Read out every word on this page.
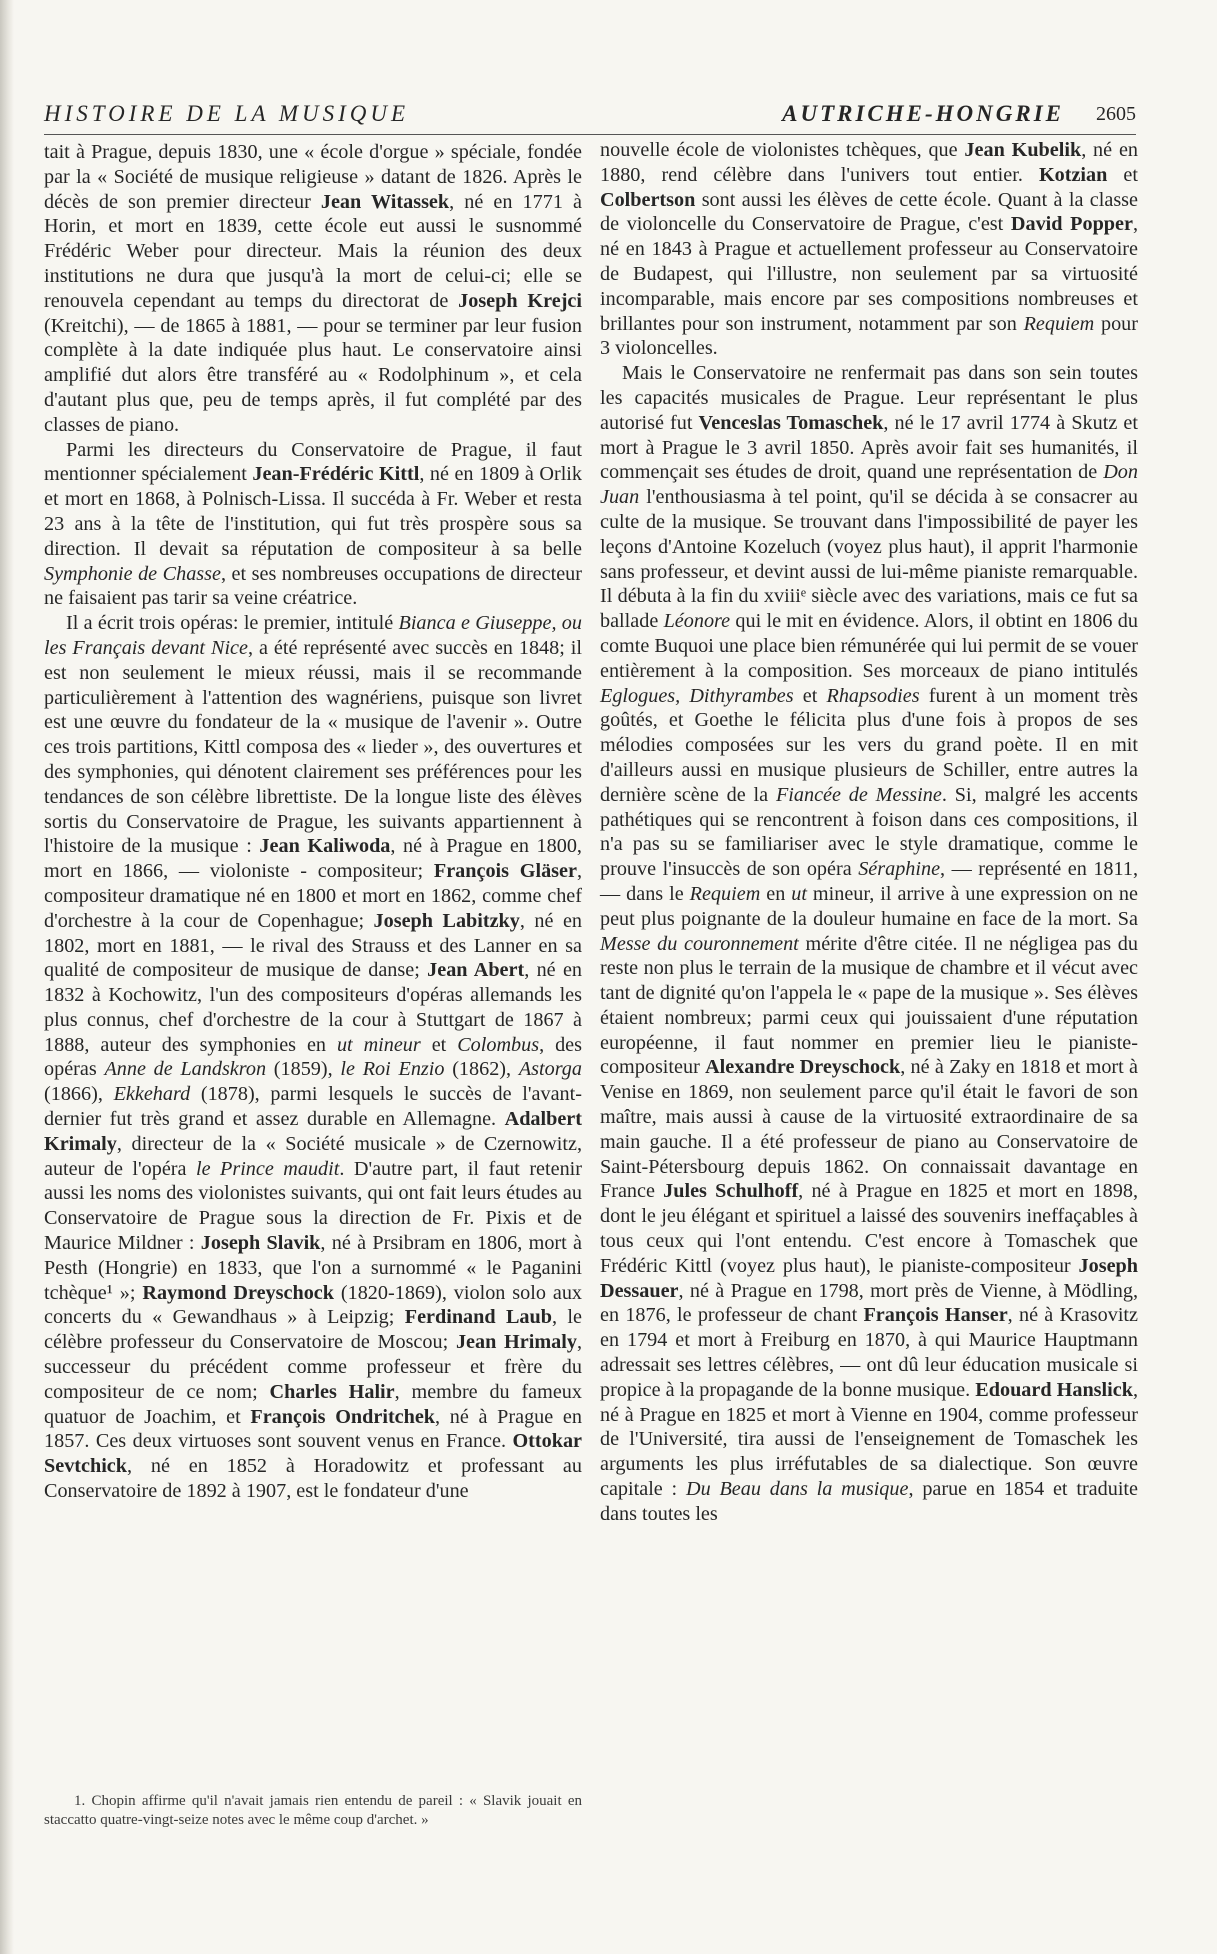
HISTOIRE DE LA MUSIQUE	AUTRICHE-HONGRIE 2605

tait à Prague, depuis 1830, une « école d'orgue » spéciale, fondée par la « Société de musique religieuse » datant de 1826. Après le décès de son premier directeur Jean Witassek, né en 1771 à Horin, et mort en 1839, cette école eut aussi le susnommé Frédéric Weber pour directeur. Mais la réunion des deux institutions ne dura que jusqu'à la mort de celui-ci; elle se renouvela cependant au temps du directorat de Joseph Krejci (Kreitchi), — de 1865 à 1881, — pour se terminer par leur fusion complète à la date indiquée plus haut. Le conservatoire ainsi amplifié dut alors être transféré au « Rodolphinum », et cela d'autant plus que, peu de temps après, il fut complété par des classes de piano.

Parmi les directeurs du Conservatoire de Prague, il faut mentionner spécialement Jean-Frédéric Kittl, né en 1809 à Orlik et mort en 1868, à Polnisch-Lissa. Il succéda à Fr. Weber et resta 23 ans à la tête de l'institution, qui fut très prospère sous sa direction. Il devait sa réputation de compositeur à sa belle Symphonie de Chasse, et ses nombreuses occupations de directeur ne faisaient pas tarir sa veine créatrice.

Il a écrit trois opéras: le premier, intitulé Bianca e Giuseppe, ou les Français devant Nice, a été représenté avec succès en 1848; il est non seulement le mieux réussi, mais il se recommande particulièrement à l'attention des wagnériens, puisque son livret est une œuvre du fondateur de la « musique de l'avenir ». Outre ces trois partitions, Kittl composa des « lieder », des ouvertures et des symphonies, qui dénotent clairement ses préférences pour les tendances de son célèbre librettiste. De la longue liste des élèves sortis du Conservatoire de Prague, les suivants appartiennent à l'histoire de la musique : Jean Kaliwoda, né à Prague en 1800, mort en 1866, — violoniste - compositeur; François Gläser, compositeur dramatique né en 1800 et mort en 1862, comme chef d'orchestre à la cour de Copenhague; Joseph Labitzky, né en 1802, mort en 1881, — le rival des Strauss et des Lanner en sa qualité de compositeur de musique de danse; Jean Abert, né en 1832 à Kochowitz, l'un des compositeurs d'opéras allemands les plus connus, chef d'orchestre de la cour à Stuttgart de 1867 à 1888, auteur des symphonies en ut mineur et Colombus, des opéras Anne de Landskron (1859), le Roi Enzio (1862), Astorga (1866), Ekkehard (1878), parmi lesquels le succès de l'avant-dernier fut très grand et assez durable en Allemagne. Adalbert Krimaly, directeur de la « Société musicale » de Czernowitz, auteur de l'opéra le Prince maudit. D'autre part, il faut retenir aussi les noms des violonistes suivants, qui ont fait leurs études au Conservatoire de Prague sous la direction de Fr. Pixis et de Maurice Mildner : Joseph Slavik, né à Prsibram en 1806, mort à Pesth (Hongrie) en 1833, que l'on a surnommé « le Paganini tchèque¹ »; Raymond Dreyschock (1820-1869), violon solo aux concerts du « Gewandhaus » à Leipzig; Ferdinand Laub, le célèbre professeur du Conservatoire de Moscou; Jean Hrimaly, successeur du précédent comme professeur et frère du compositeur de ce nom; Charles Halir, membre du fameux quatuor de Joachim, et François Ondritchek, né à Prague en 1857. Ces deux virtuoses sont souvent venus en France. Ottokar Sevtchick, né en 1852 à Horadowitz et professant au Conservatoire de 1892 à 1907, est le fondateur d'une

nouvelle école de violonistes tchèques, que Jean Kubelik, né en 1880, rend célèbre dans l'univers tout entier. Kotzian et Colbertson sont aussi les élèves de cette école. Quant à la classe de violoncelle du Conservatoire de Prague, c'est David Popper, né en 1843 à Prague et actuellement professeur au Conservatoire de Budapest, qui l'illustre, non seulement par sa virtuosité incomparable, mais encore par ses compositions nombreuses et brillantes pour son instrument, notamment par son Requiem pour 3 violoncelles.

Mais le Conservatoire ne renfermait pas dans son sein toutes les capacités musicales de Prague. Leur représentant le plus autorisé fut Venceslas Tomaschek, né le 17 avril 1774 à Skutz et mort à Prague le 3 avril 1850. Après avoir fait ses humanités, il commençait ses études de droit, quand une représentation de Don Juan l'enthousiasma à tel point, qu'il se décida à se consacrer au culte de la musique. Se trouvant dans l'impossibilité de payer les leçons d'Antoine Kozeluch (voyez plus haut), il apprit l'harmonie sans professeur, et devint aussi de lui-même pianiste remarquable. Il débuta à la fin du xviiiᵉ siècle avec des variations, mais ce fut sa ballade Léonore qui le mit en évidence. Alors, il obtint en 1806 du comte Buquoi une place bien rémunérée qui lui permit de se vouer entièrement à la composition. Ses morceaux de piano intitulés Eglogues, Dithyrambes et Rhapsodies furent à un moment très goûtés, et Goethe le félicita plus d'une fois à propos de ses mélodies composées sur les vers du grand poète. Il en mit d'ailleurs aussi en musique plusieurs de Schiller, entre autres la dernière scène de la Fiancée de Messine. Si, malgré les accents pathétiques qui se rencontrent à foison dans ces compositions, il n'a pas su se familiariser avec le style dramatique, comme le prouve l'insuccès de son opéra Séraphine, — représenté en 1811, — dans le Requiem en ut mineur, il arrive à une expression on ne peut plus poignante de la douleur humaine en face de la mort. Sa Messe du couronnement mérite d'être citée. Il ne négligea pas du reste non plus le terrain de la musique de chambre et il vécut avec tant de dignité qu'on l'appela le « pape de la musique ». Ses élèves étaient nombreux; parmi ceux qui jouissaient d'une réputation européenne, il faut nommer en premier lieu le pianiste-compositeur Alexandre Dreyschock, né à Zaky en 1818 et mort à Venise en 1869, non seulement parce qu'il était le favori de son maître, mais aussi à cause de la virtuosité extraordinaire de sa main gauche. Il a été professeur de piano au Conservatoire de Saint-Pétersbourg depuis 1862. On connaissait davantage en France Jules Schulhoff, né à Prague en 1825 et mort en 1898, dont le jeu élégant et spirituel a laissé des souvenirs ineffaçables à tous ceux qui l'ont entendu. C'est encore à Tomaschek que Frédéric Kittl (voyez plus haut), le pianiste-compositeur Joseph Dessauer, né à Prague en 1798, mort près de Vienne, à Mödling, en 1876, le professeur de chant François Hanser, né à Krasovitz en 1794 et mort à Freiburg en 1870, à qui Maurice Hauptmann adressait ses lettres célèbres, — ont dû leur éducation musicale si propice à la propagande de la bonne musique. Edouard Hanslick, né à Prague en 1825 et mort à Vienne en 1904, comme professeur de l'Université, tira aussi de l'enseignement de Tomaschek les arguments les plus irréfutables de sa dialectique. Son œuvre capitale : Du Beau dans la musique, parue en 1854 et traduite dans toutes les

1. Chopin affirme qu'il n'avait jamais rien entendu de pareil : « Slavik jouait en staccatto quatre-vingt-seize notes avec le même coup d'archet. »
